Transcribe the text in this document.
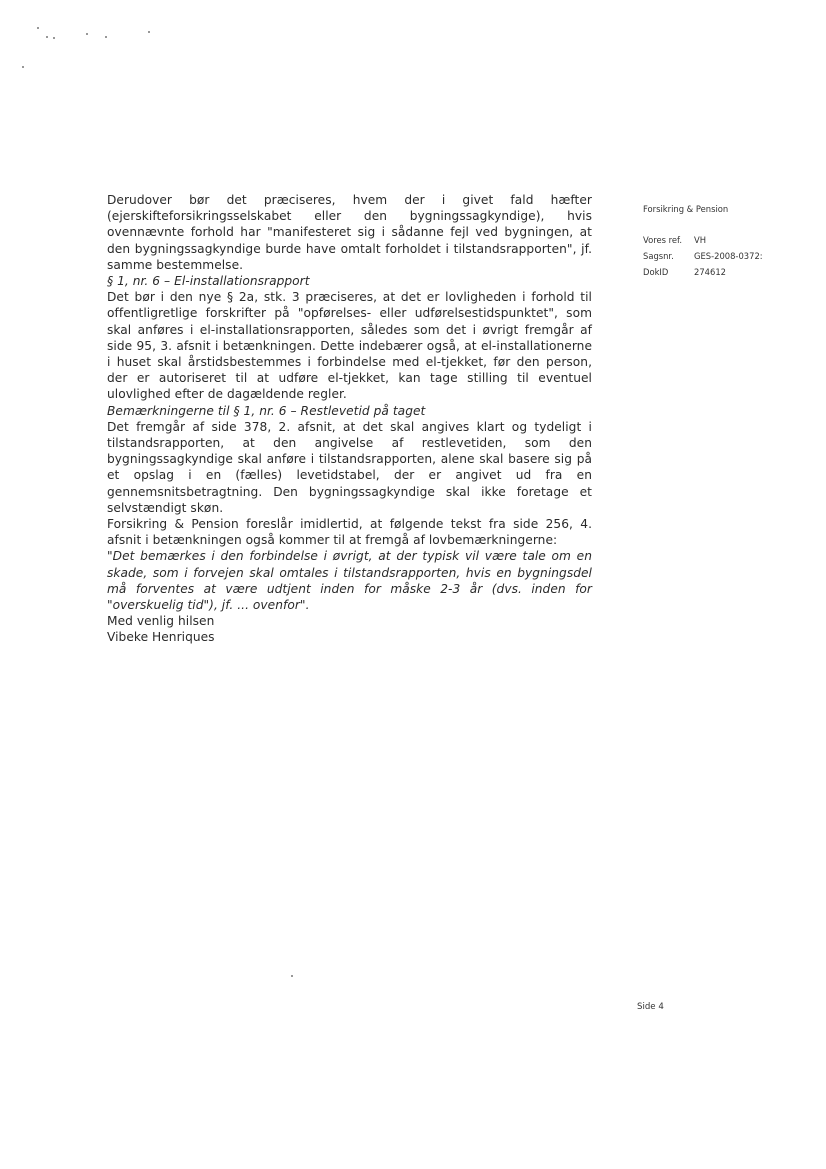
Forsikring & Pension
Vores ref.	VH
Sagsnr.	GES-2008-0372:
DokID	274612

Derudover bør det præciseres, hvem der i givet fald hæfter (ejerskifteforsikringsselskabet eller den bygningssagkyndige), hvis ovennævnte forhold har "manifesteret sig i sådanne fejl ved bygningen, at den bygningssagkyndige burde have omtalt forholdet i tilstandsrapporten", jf. samme bestemmelse.

§ 1, nr. 6 – El-installationsrapport

Det bør i den nye § 2a, stk. 3 præciseres, at det er lovligheden i forhold til offentligretlige forskrifter på "opførelses- eller udførelsestidspunktet", som skal anføres i el-installationsrapporten, således som det i øvrigt fremgår af side 95, 3. afsnit i betænkningen. Dette indebærer også, at el-installationerne i huset skal årstidsbestemmes i forbindelse med el-tjekket, før den person, der er autoriseret til at udføre el-tjekket, kan tage stilling til eventuel ulovlighed efter de dagældende regler.

Bemærkningerne til § 1, nr. 6 – Restlevetid på taget

Det fremgår af side 378, 2. afsnit, at det skal angives klart og tydeligt i tilstandsrapporten, at den angivelse af restlevetiden, som den bygningssagkyndige skal anføre i tilstandsrapporten, alene skal basere sig på et opslag i en (fælles) levetidstabel, der er angivet ud fra en gennemsnitsbetragtning. Den bygningssagkyndige skal ikke foretage et selvstændigt skøn.

Forsikring & Pension foreslår imidlertid, at følgende tekst fra side 256, 4. afsnit i betænkningen også kommer til at fremgå af lovbemærkningerne:

"Det bemærkes i den forbindelse i øvrigt, at der typisk vil være tale om en skade, som i forvejen skal omtales i tilstandsrapporten, hvis en bygningsdel må forventes at være udtjent inden for måske 2-3 år (dvs. inden for "overskuelig tid"), jf. ... ovenfor".

Med venlig hilsen

Vibeke Henriques

Side 4
